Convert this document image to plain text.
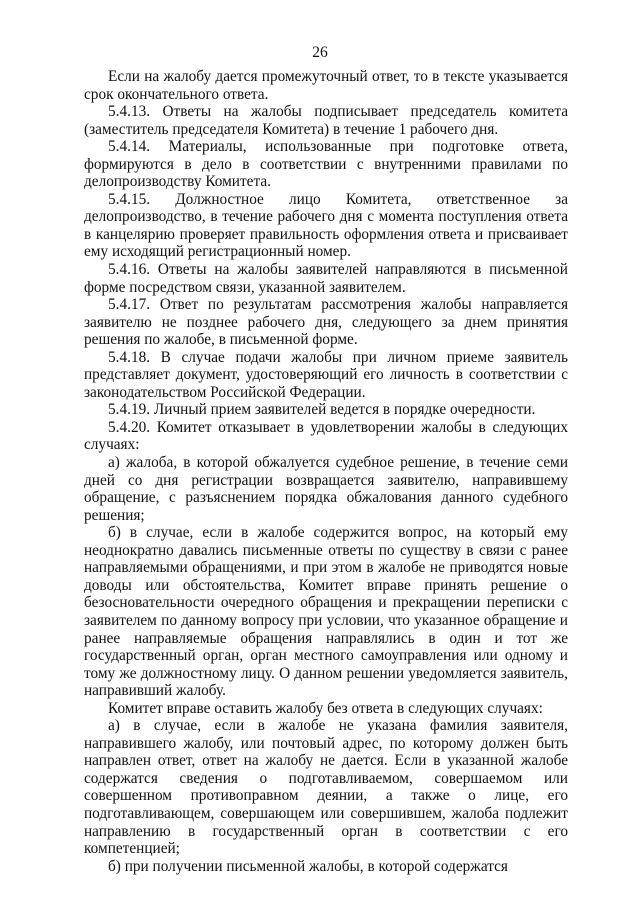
26

Если на жалобу дается промежуточный ответ, то в тексте указывается срок окончательного ответа.

5.4.13. Ответы на жалобы подписывает председатель комитета (заместитель председателя Комитета) в течение 1 рабочего дня.

5.4.14. Материалы, использованные при подготовке ответа, формируются в дело в соответствии с внутренними правилами по делопроизводству Комитета.

5.4.15. Должностное лицо Комитета, ответственное за делопроизводство, в течение рабочего дня с момента поступления ответа в канцелярию проверяет правильность оформления ответа и присваивает ему исходящий регистрационный номер.

5.4.16. Ответы на жалобы заявителей направляются в письменной форме посредством связи, указанной заявителем.

5.4.17. Ответ по результатам рассмотрения жалобы направляется заявителю не позднее рабочего дня, следующего за днем принятия решения по жалобе, в письменной форме.

5.4.18. В случае подачи жалобы при личном приеме заявитель представляет документ, удостоверяющий его личность в соответствии с законодательством Российской Федерации.

5.4.19. Личный прием заявителей ведется в порядке очередности.

5.4.20. Комитет отказывает в удовлетворении жалобы в следующих случаях:

а) жалоба, в которой обжалуется судебное решение, в течение семи дней со дня регистрации возвращается заявителю, направившему обращение, с разъяснением порядка обжалования данного судебного решения;

б) в случае, если в жалобе содержится вопрос, на который ему неоднократно давались письменные ответы по существу в связи с ранее направляемыми обращениями, и при этом в жалобе не приводятся новые доводы или обстоятельства, Комитет вправе принять решение о безосновательности очередного обращения и прекращении переписки с заявителем по данному вопросу при условии, что указанное обращение и ранее направляемые обращения направлялись в один и тот же государственный орган, орган местного самоуправления или одному и тому же должностному лицу. О данном решении уведомляется заявитель, направивший жалобу.

Комитет вправе оставить жалобу без ответа в следующих случаях:

а) в случае, если в жалобе не указана фамилия заявителя, направившего жалобу, или почтовый адрес, по которому должен быть направлен ответ, ответ на жалобу не дается. Если в указанной жалобе содержатся сведения о подготавливаемом, совершаемом или совершенном противоправном деянии, а также о лице, его подготавливающем, совершающем или совершившем, жалоба подлежит направлению в государственный орган в соответствии с его компетенцией;

б) при получении письменной жалобы, в которой содержатся
